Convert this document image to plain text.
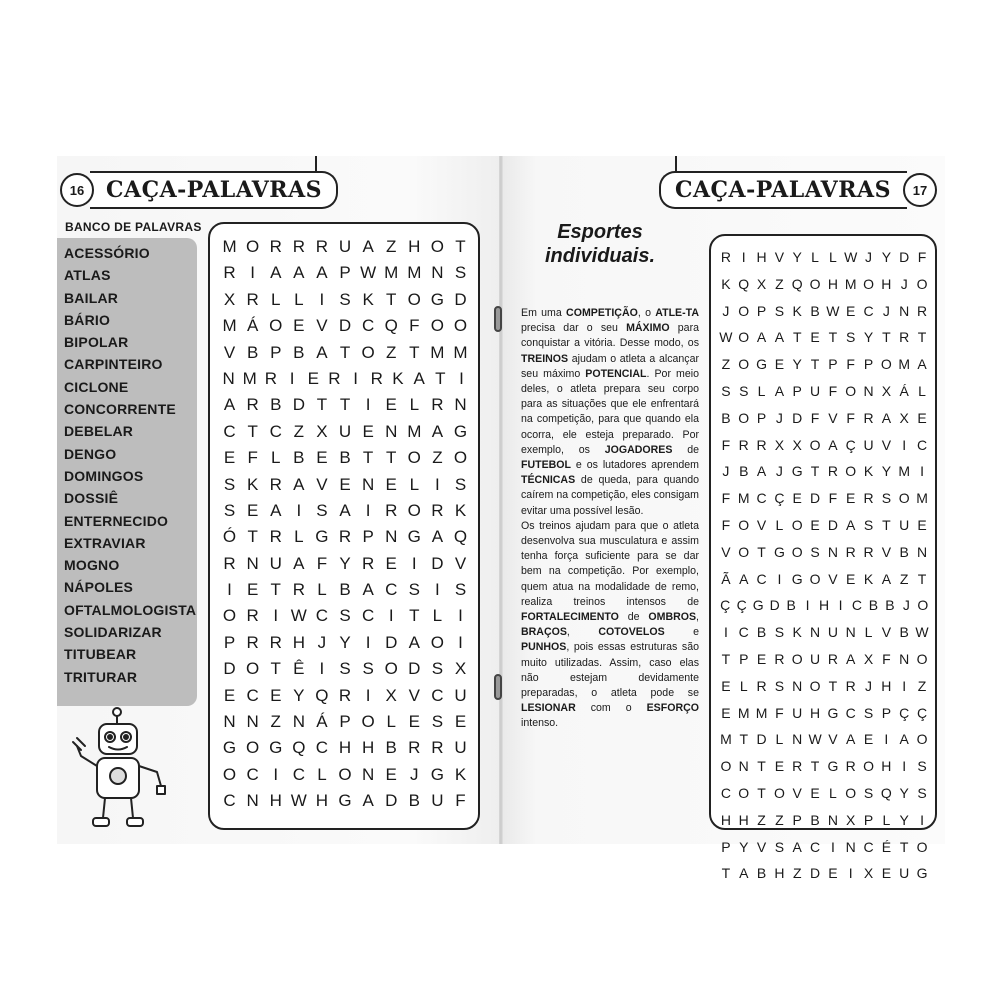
16 CAÇA-PALAVRAS
BANCO DE PALAVRAS
ACESSÓRIO
ATLAS
BAILAR
BÁRIO
BIPOLAR
CARPINTEIRO
CICLONE
CONCORRENTE
DEBELAR
DENGO
DOMINGOS
DOSSIÊ
ENTERNECIDO
EXTRAVIAR
MOGNO
NÁPOLES
OFTALMOLOGISTA
SOLIDARIZAR
TITUBEAR
TRITURAR
M O R R R U A Z H O T
R I A A A P W M M N S
X R L L I S K T O G D
M Á O E V D C Q F O O
V B P B A T O Z T M M
N M R I E R I R K A T I
A R B D T T I E L R N
C T C Z X U E N M A G
E F L B E B T T O Z O
S K R A V E N E L I S
S E A I S A I R O R K
Ó T R L G R P N G A Q
R N U A F Y R E I D V
I E T R L B A C S I S
O R I W C S C I T L I
P R R H J Y I D A O I
D O T Ê I S S O D S X
E C E Y Q R I X V C U
N N Z N Á P O L E S E
G O G Q C H H B R R U
O C I C L O N E J G K
C N H W H G A D B U F
17
CAÇA-PALAVRAS
Esportes
individuais.

Em uma COMPETIÇÃO, o ATLE-TA precisa dar o seu MÁXIMO para conquistar a vitória. Desse modo, os TREINOS ajudam o atleta a alcançar seu máximo POTENCIAL. Por meio deles, o atleta prepara seu corpo para as situações que ele enfrentará na competição, para que quando ela ocorra, ele esteja preparado. Por exemplo, os JOGADORES de FUTEBOL e os lutadores aprendem TÉCNICAS de queda, para quando caírem na competição, eles consigam evitar uma possível lesão.

Os treinos ajudam para que o atleta desenvolva sua musculatura e assim tenha força suficiente para se dar bem na competição. Por exemplo, quem atua na modalidade de remo, realiza treinos intensos de FORTALECIMENTO de OMBROS, BRAÇOS, COTOVELOS e PUNHOS, pois essas estruturas são muito utilizadas. Assim, caso elas não estejam devidamente preparadas, o atleta pode se LESIONAR com o ESFORÇO intenso.

R I H V Y L L W J Y D F
K Q X Z Q O H M O H J O
J O P S K B W E C J N R
W O A A T E T S Y T R T
Z O G E Y T P F P O M A
S S L A P U F O N X Á L
B O P J D F V F R A X E
F R R X X O A Ç U V I C
J B A J G T R O K Y M I
F M C Ç E D F E R S O M
F O V L O E D A S T U E
V O T G O S N R R V B N
Ã A C I G O V E K A Z T
Ç Ç G D B I H I C B B J O
I C B S K N U N L V B W
T P E R O U R A X F N O
E L R S N O T R J H I Z
E M M F U H G C S P Ç Ç
M T D L N W V A E I A O
O N T E R T G R O H I S
C O T O V E L O S Q Y S
H H Z Z P B N X P L Y I
P Y V S A C I N C É T O
T A B H Z D E I X E U G
